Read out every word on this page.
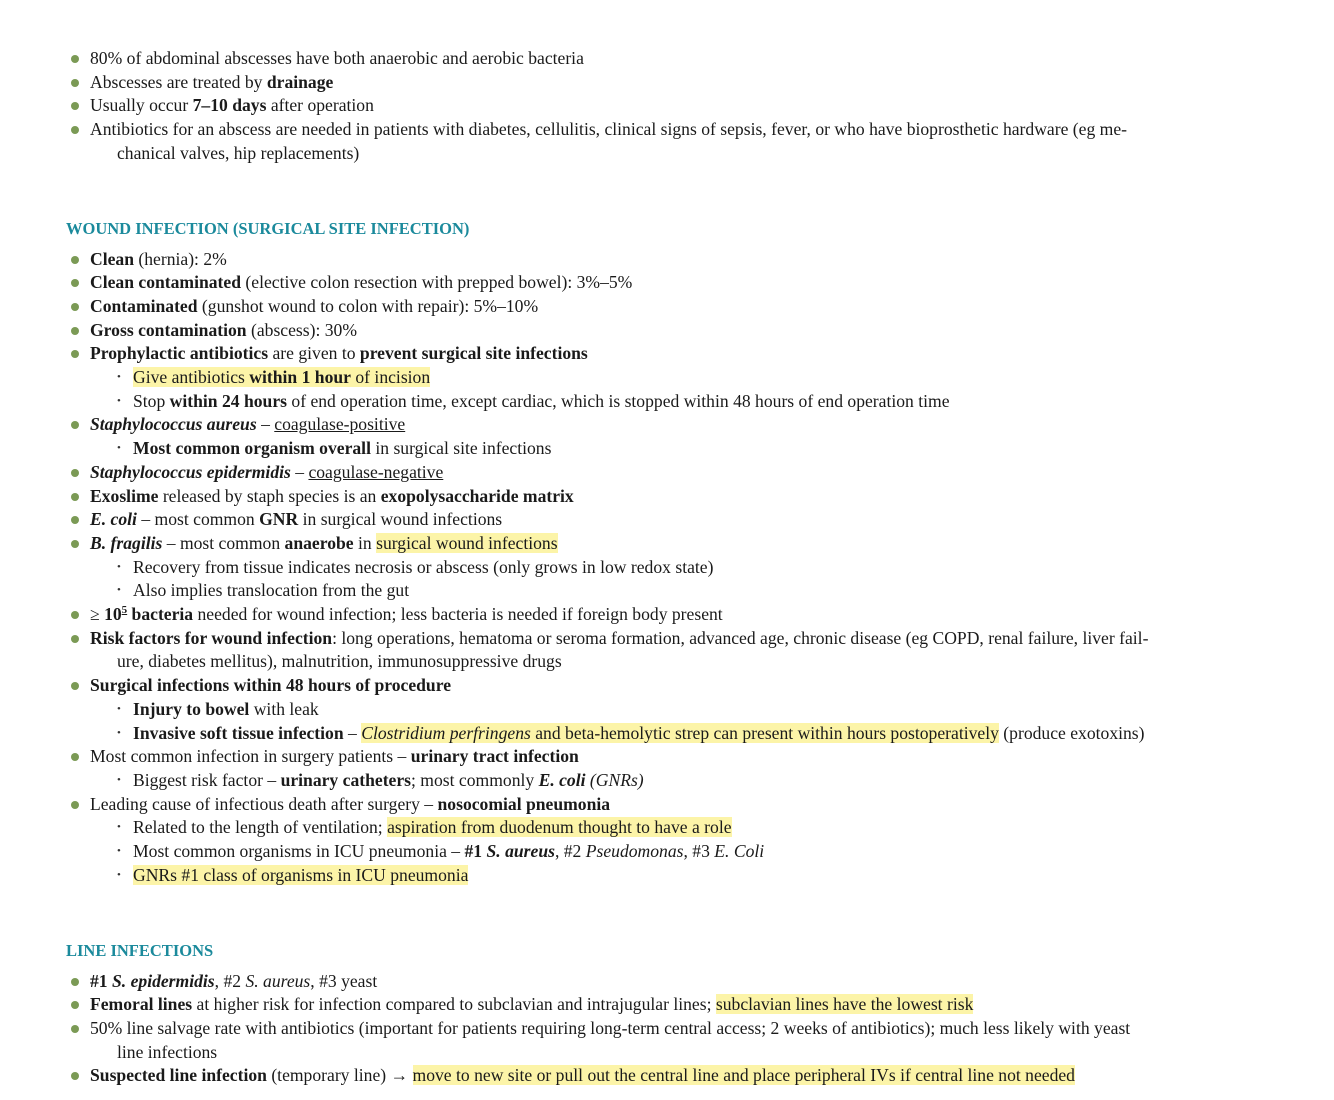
80% of abdominal abscesses have both anaerobic and aerobic bacteria
Abscesses are treated by drainage
Usually occur 7–10 days after operation
Antibiotics for an abscess are needed in patients with diabetes, cellulitis, clinical signs of sepsis, fever, or who have bioprosthetic hardware (eg me-
chanical valves, hip replacements)
WOUND INFECTION (SURGICAL SITE INFECTION)
Clean (hernia): 2%
Clean contaminated (elective colon resection with prepped bowel): 3%–5%
Contaminated (gunshot wound to colon with repair): 5%–10%
Gross contamination (abscess): 30%
Prophylactic antibiotics are given to prevent surgical site infections
• Give antibiotics within 1 hour of incision
• Stop within 24 hours of end operation time, except cardiac, which is stopped within 48 hours of end operation time
Staphylococcus aureus – coagulase-positive
• Most common organism overall in surgical site infections
Staphylococcus epidermidis – coagulase-negative
Exoslime released by staph species is an exopolysaccharide matrix
E. coli – most common GNR in surgical wound infections
B. fragilis – most common anaerobe in surgical wound infections
• Recovery from tissue indicates necrosis or abscess (only grows in low redox state)
• Also implies translocation from the gut
≥ $10^5$ bacteria needed for wound infection; less bacteria is needed if foreign body present
Risk factors for wound infection: long operations, hematoma or seroma formation, advanced age, chronic disease (eg COPD, renal failure, liver fail-
ure, diabetes mellitus), malnutrition, immunosuppressive drugs
Surgical infections within 48 hours of procedure
• Injury to bowel with leak
• Invasive soft tissue infection – Clostridium perfringens and beta-hemolytic strep can present within hours postoperatively (produce exotoxins)
Most common infection in surgery patients – urinary tract infection
• Biggest risk factor – urinary catheters; most commonly E. coli (GNRs)
Leading cause of infectious death after surgery – nosocomial pneumonia
• Related to the length of ventilation; aspiration from duodenum thought to have a role
• Most common organisms in ICU pneumonia – #1 S. aureus, #2 Pseudomonas, #3 E. Coli
• GNRs #1 class of organisms in ICU pneumonia
LINE INFECTIONS
#1 S. epidermidis, #2 S. aureus, #3 yeast
Femoral lines at higher risk for infection compared to subclavian and intrajugular lines; subclavian lines have the lowest risk
50% line salvage rate with antibiotics (important for patients requiring long-term central access; 2 weeks of antibiotics); much less likely with yeast
line infections
Suspected line infection (temporary line) → move to new site or pull out the central line and place peripheral IVs if central line not needed
